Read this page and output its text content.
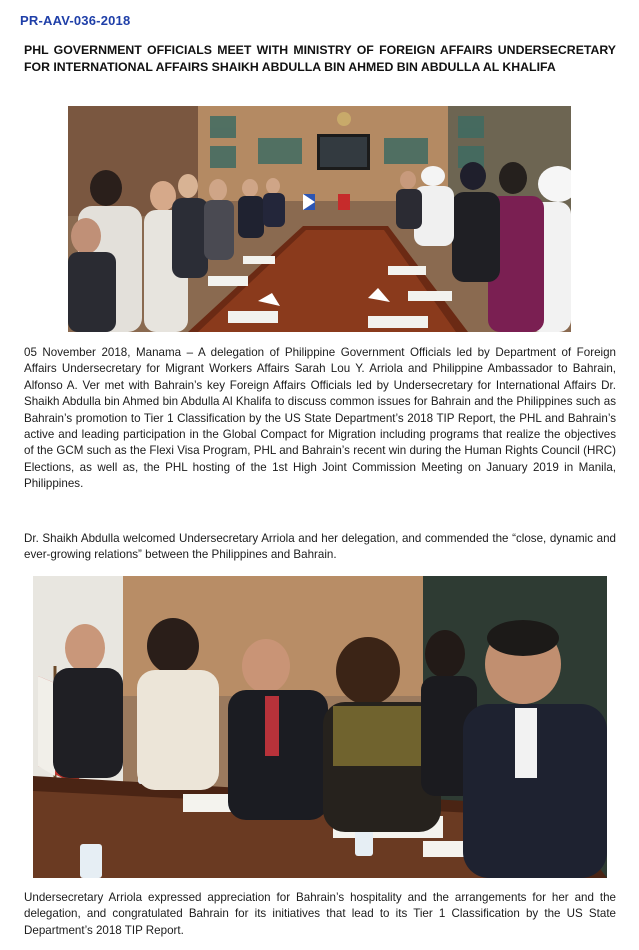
PR-AAV-036-2018
PHL GOVERNMENT OFFICIALS MEET WITH MINISTRY OF FOREIGN AFFAIRS UNDERSECRETARY FOR INTERNATIONAL AFFAIRS SHAIKH ABDULLA BIN AHMED BIN ABDULLA AL KHALIFA
05 November 2018, Manama – A delegation of Philippine Government Officials led by Department of Foreign Affairs Undersecretary for Migrant Workers Affairs Sarah Lou Y. Arriola and Philippine Ambassador to Bahrain, Alfonso A. Ver met with Bahrain’s key Foreign Affairs Officials led by Undersecretary for International Affairs Dr. Shaikh Abdulla bin Ahmed bin Abdulla Al Khalifa to discuss common issues for Bahrain and the Philippines such as Bahrain’s promotion to Tier 1 Classification by the US State Department’s 2018 TIP Report, the PHL and Bahrain’s active and leading participation in the Global Compact for Migration including programs that realize the objectives of the GCM such as the Flexi Visa Program, PHL and Bahrain’s recent win during the Human Rights Council (HRC) Elections, as well as, the PHL hosting of the 1st High Joint Commission Meeting on January 2019 in Manila, Philippines.
Dr. Shaikh Abdulla welcomed Undersecretary Arriola and her delegation, and commended the “close, dynamic and ever-growing relations” between the Philippines and Bahrain.
Undersecretary Arriola expressed appreciation for Bahrain’s hospitality and the arrangements for her and the delegation, and congratulated Bahrain for its initiatives that lead to its Tier 1 Classification by the US State Department’s 2018 TIP Report.
